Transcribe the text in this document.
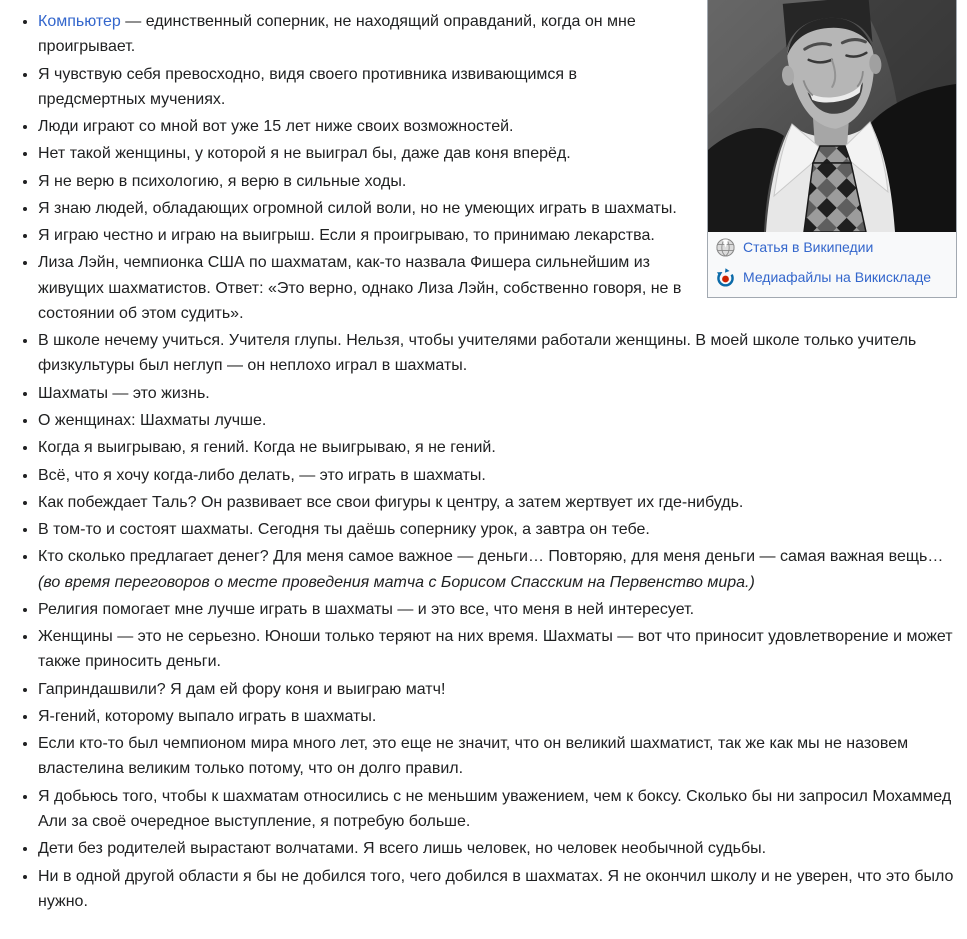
Статья в Википедии
Медиафайлы на Викискладе
• Компьютер — единственный соперник, не находящий оправданий, когда он мне проигрывает.
• Я чувствую себя превосходно, видя своего противника извивающимся в предсмертных мучениях.
• Люди играют со мной вот уже 15 лет ниже своих возможностей.
• Нет такой женщины, у которой я не выиграл бы, даже дав коня вперёд.
• Я не верю в психологию, я верю в сильные ходы.
• Я знаю людей, обладающих огромной силой воли, но не умеющих играть в шахматы.
• Я играю честно и играю на выигрыш. Если я проигрываю, то принимаю лекарства.
• Лиза Лэйн, чемпионка США по шахматам, как-то назвала Фишера сильнейшим из живущих шахматистов. Ответ: «Это верно, однако Лиза Лэйн, собственно говоря, не в состоянии об этом судить».
• В школе нечему учиться. Учителя глупы. Нельзя, чтобы учителями работали женщины. В моей школе только учитель физкультуры был неглуп — он неплохо играл в шахматы.
• Шахматы — это жизнь.
• О женщинах: Шахматы лучше.
• Когда я выигрываю, я гений. Когда не выигрываю, я не гений.
• Всё, что я хочу когда-либо делать, — это играть в шахматы.
• Как побеждает Таль? Он развивает все свои фигуры к центру, а затем жертвует их где-нибудь.
• В том-то и состоят шахматы. Сегодня ты даёшь сопернику урок, а завтра он тебе.
• Кто сколько предлагает денег? Для меня самое важное — деньги… Повторяю, для меня деньги — самая важная вещь… (во время переговоров о месте проведения матча с Борисом Спасским на Первенство мира.)
• Религия помогает мне лучше играть в шахматы — и это все, что меня в ней интересует.
• Женщины — это не серьезно. Юноши только теряют на них время. Шахматы — вот что приносит удовлетворение и может также приносить деньги.
• Гаприндашвили? Я дам ей фору коня и выиграю матч!
• Я-гений, которому выпало играть в шахматы.
• Если кто-то был чемпионом мира много лет, это еще не значит, что он великий шахматист, так же как мы не назовем властелина великим только потому, что он долго правил.
• Я добьюсь того, чтобы к шахматам относились с не меньшим уважением, чем к боксу. Сколько бы ни запросил Мохаммед Али за своё очередное выступление, я потребую больше.
• Дети без родителей вырастают волчатами. Я всего лишь человек, но человек необычной судьбы.
• Ни в одной другой области я бы не добился того, чего добился в шахматах. Я не окончил школу и не уверен, что это было нужно.
